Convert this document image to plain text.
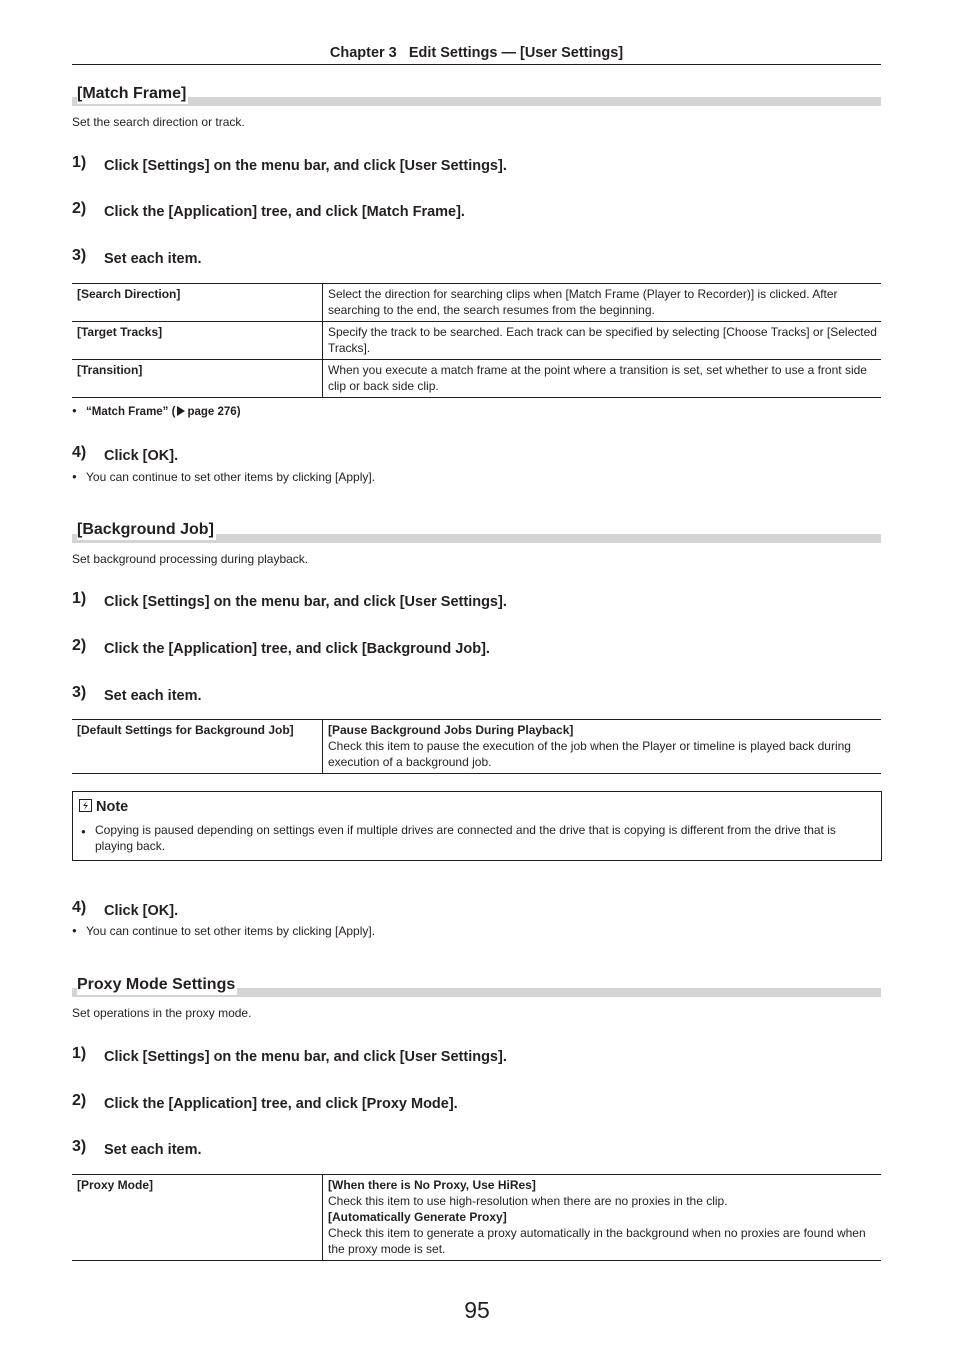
Chapter 3   Edit Settings — [User Settings]
[Match Frame]
Set the search direction or track.
1) Click [Settings] on the menu bar, and click [User Settings].
2) Click the [Application] tree, and click [Match Frame].
3) Set each item.
[Search Direction]	Select the direction for searching clips when [Match Frame (Player to Recorder)] is clicked. After searching to the end, the search resumes from the beginning.
[Target Tracks]	Specify the track to be searched. Each track can be specified by selecting [Choose Tracks] or [Selected Tracks].
[Transition]	When you execute a match frame at the point where a transition is set, set whether to use a front side clip or back side clip.
● “Match Frame” ( page 276)
4) Click [OK].
● You can continue to set other items by clicking [Apply].
[Background Job]
Set background processing during playback.
1) Click [Settings] on the menu bar, and click [User Settings].
2) Click the [Application] tree, and click [Background Job].
3) Set each item.
[Default Settings for Background Job]	[Pause Background Jobs During Playback]
Check this item to pause the execution of the job when the Player or timeline is played back during execution of a background job.
Note
● Copying is paused depending on settings even if multiple drives are connected and the drive that is copying is different from the drive that is playing back.
4) Click [OK].
● You can continue to set other items by clicking [Apply].
Proxy Mode Settings
Set operations in the proxy mode.
1) Click [Settings] on the menu bar, and click [User Settings].
2) Click the [Application] tree, and click [Proxy Mode].
3) Set each item.
[Proxy Mode]	[When there is No Proxy, Use HiRes]
Check this item to use high-resolution when there are no proxies in the clip.
[Automatically Generate Proxy]
Check this item to generate a proxy automatically in the background when no proxies are found when the proxy mode is set.
95
